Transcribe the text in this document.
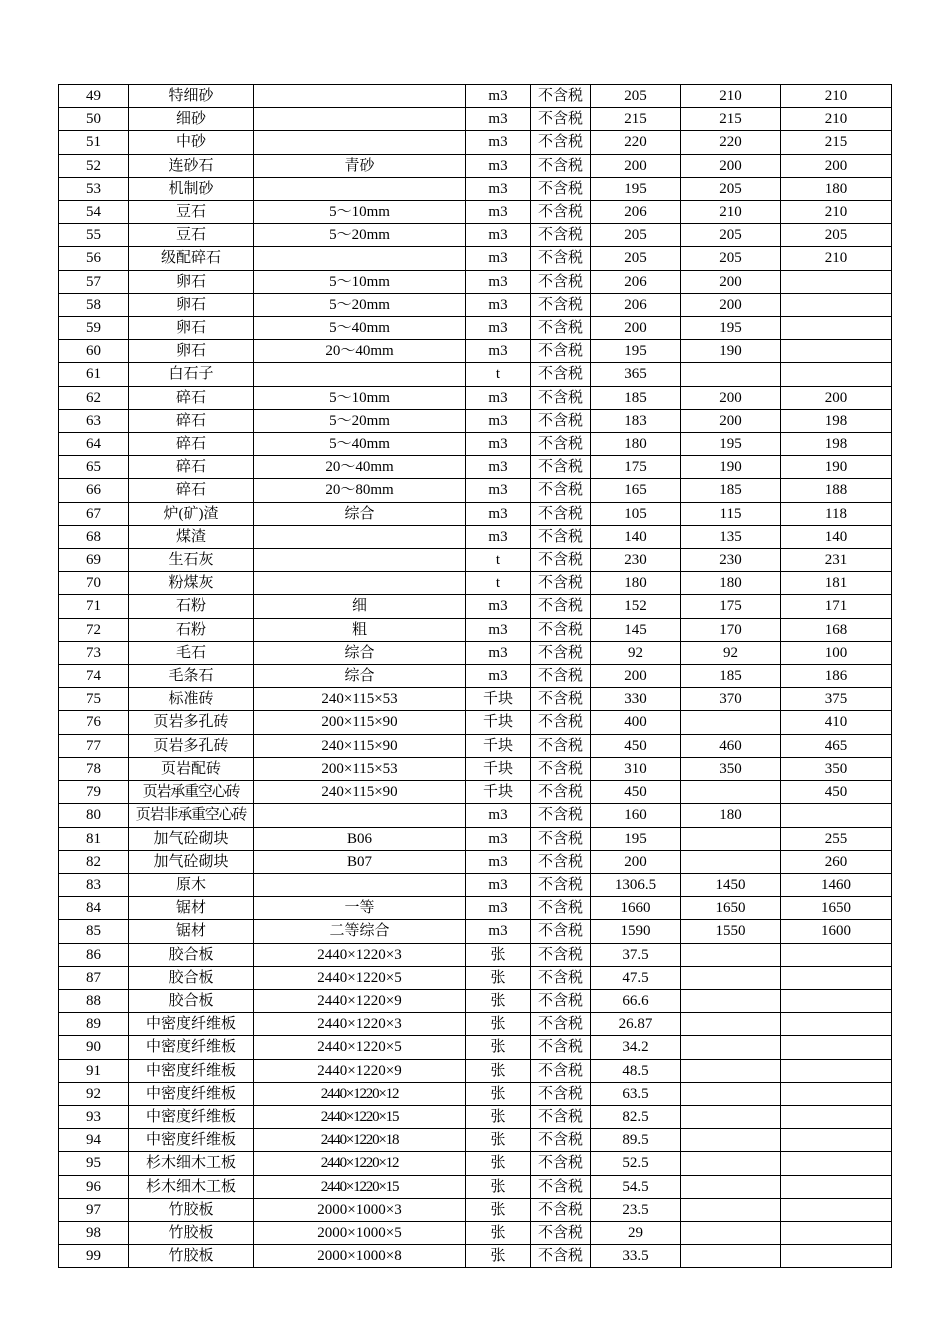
49	特细砂		m3	不含税	205	210	210
50	细砂		m3	不含税	215	215	210
51	中砂		m3	不含税	220	220	215
52	连砂石	青砂	m3	不含税	200	200	200
53	机制砂		m3	不含税	195	205	180
54	豆石	5～10mm	m3	不含税	206	210	210
55	豆石	5～20mm	m3	不含税	205	205	205
56	级配碎石		m3	不含税	205	205	210
57	卵石	5～10mm	m3	不含税	206	200	
58	卵石	5～20mm	m3	不含税	206	200	
59	卵石	5～40mm	m3	不含税	200	195	
60	卵石	20～40mm	m3	不含税	195	190	
61	白石子		t	不含税	365		
62	碎石	5～10mm	m3	不含税	185	200	200
63	碎石	5～20mm	m3	不含税	183	200	198
64	碎石	5～40mm	m3	不含税	180	195	198
65	碎石	20～40mm	m3	不含税	175	190	190
66	碎石	20～80mm	m3	不含税	165	185	188
67	炉(矿)渣	综合	m3	不含税	105	115	118
68	煤渣		m3	不含税	140	135	140
69	生石灰		t	不含税	230	230	231
70	粉煤灰		t	不含税	180	180	181
71	石粉	细	m3	不含税	152	175	171
72	石粉	粗	m3	不含税	145	170	168
73	毛石	综合	m3	不含税	92	92	100
74	毛条石	综合	m3	不含税	200	185	186
75	标准砖	240×115×53	千块	不含税	330	370	375
76	页岩多孔砖	200×115×90	千块	不含税	400		410
77	页岩多孔砖	240×115×90	千块	不含税	450	460	465
78	页岩配砖	200×115×53	千块	不含税	310	350	350
79	页岩承重空心砖	240×115×90	千块	不含税	450		450
80	页岩非承重空心砖		m3	不含税	160	180	
81	加气砼砌块	B06	m3	不含税	195		255
82	加气砼砌块	B07	m3	不含税	200		260
83	原木		m3	不含税	1306.5	1450	1460
84	锯材	一等	m3	不含税	1660	1650	1650
85	锯材	二等综合	m3	不含税	1590	1550	1600
86	胶合板	2440×1220×3	张	不含税	37.5		
87	胶合板	2440×1220×5	张	不含税	47.5		
88	胶合板	2440×1220×9	张	不含税	66.6		
89	中密度纤维板	2440×1220×3	张	不含税	26.87		
90	中密度纤维板	2440×1220×5	张	不含税	34.2		
91	中密度纤维板	2440×1220×9	张	不含税	48.5		
92	中密度纤维板	2440×1220×12	张	不含税	63.5		
93	中密度纤维板	2440×1220×15	张	不含税	82.5		
94	中密度纤维板	2440×1220×18	张	不含税	89.5		
95	杉木细木工板	2440×1220×12	张	不含税	52.5		
96	杉木细木工板	2440×1220×15	张	不含税	54.5		
97	竹胶板	2000×1000×3	张	不含税	23.5		
98	竹胶板	2000×1000×5	张	不含税	29		
99	竹胶板	2000×1000×8	张	不含税	33.5		
